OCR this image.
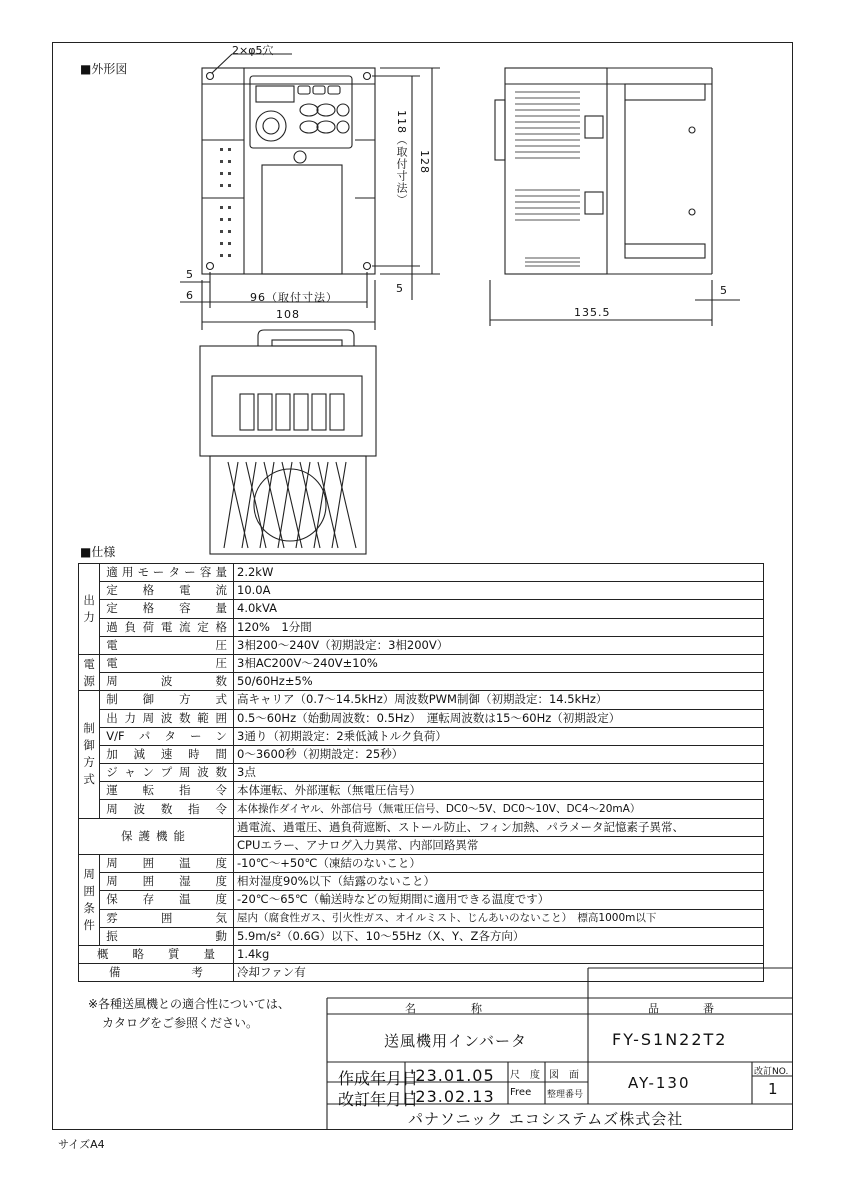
■外形図
2×φ5穴
■仕様
サイズA4
※各種送風機との適合性については、
カタログをご参照ください。
5
6	96（取付寸法）
108
118（取付寸法） 128
5
135.5
5
出力	適用モーター容量	2.2kW
	定格電流	10.0A
	定格容量	4.0kVA
	過負荷電流定格	120%　1分間
	電圧	3相200～240V（初期設定：3相200V）
電源	電圧	3相AC200V～240V±10%
	周波数	50/60Hz±5%
制御方式	制御方式	高キャリア（0.7～14.5kHz）周波数PWM制御（初期設定：14.5kHz）
	出力周波数範囲	0.5～60Hz（始動周波数：0.5Hz）　運転周波数は15～60Hz（初期設定）
	V/Fパターン	3通り（初期設定：2乗低減トルク負荷）
	加減速時間	0～3600秒（初期設定：25秒）
	ジャンプ周波数	3点
	運転指令	本体運転、外部運転（無電圧信号）
	周波数指令	本体操作ダイヤル、外部信号（無電圧信号、DC0～5V、DC0～10V、DC4～20mA）
保護機能		過電流、過電圧、過負荷遮断、ストール防止、フィン加熱、パラメータ記憶素子異常、
		CPUエラー、アナログ入力異常、内部回路異常
周囲条件	周囲温度	-10℃～+50℃（凍結のないこと）
	周囲湿度	相対湿度90%以下（結露のないこと）
	保存温度	-20℃～65℃（輸送時などの短期間に適用できる温度です）
	雰囲気	屋内（腐食性ガス、引火性ガス、オイルミスト、じんあいのないこと）　標高1000m以下
	振動	5.9m/s²（0.6G）以下、10～55Hz（X、Y、Z各方向）
概略質量		1.4kg
備考		冷却ファン有
名　　　　　称	品　　　　番
送風機用インバータ	FY-S1N22T2
作成年月日
'23.01.05
改訂年月日
'23.02.13
尺　度
Free
図　面
整理番号
AY-130
改訂NO.
1
パナソニック エコシステムズ株式会社
